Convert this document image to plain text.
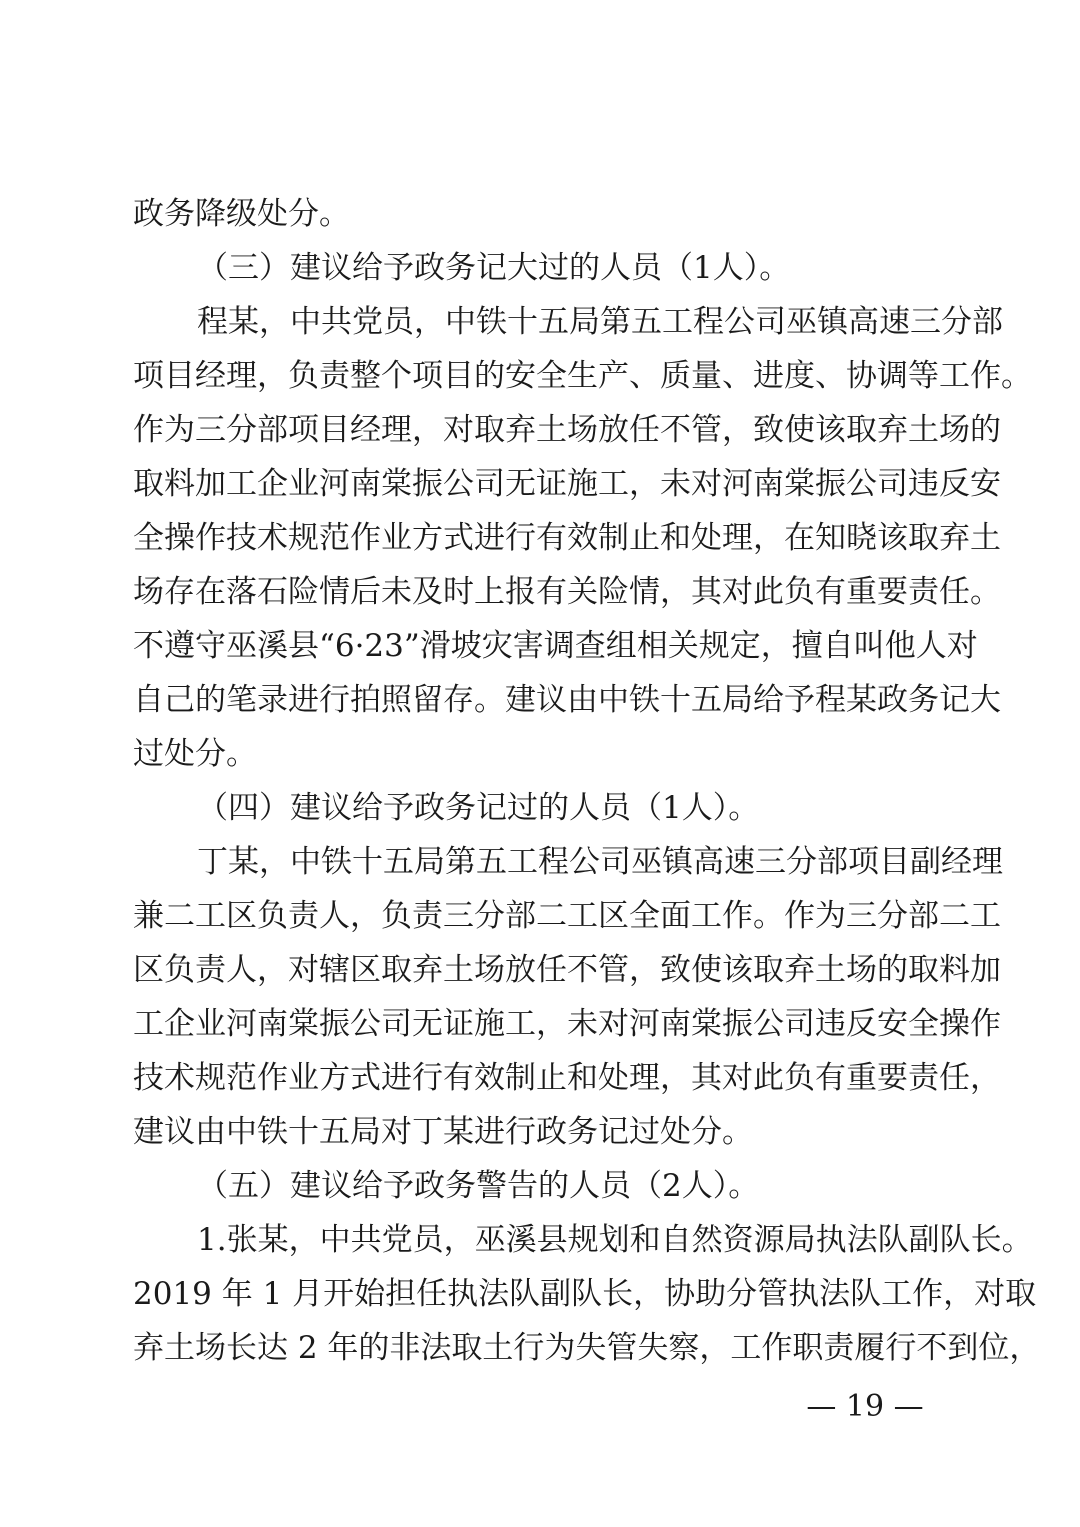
政务降级处分。
（三）建议给予政务记大过的人员（1人）。
程某，中共党员，中铁十五局第五工程公司巫镇高速三分部
项目经理，负责整个项目的安全生产、质量、进度、协调等工作。
作为三分部项目经理，对取弃土场放任不管，致使该取弃土场的
取料加工企业河南棠振公司无证施工，未对河南棠振公司违反安
全操作技术规范作业方式进行有效制止和处理，在知晓该取弃土
场存在落石险情后未及时上报有关险情，其对此负有重要责任。
不遵守巫溪县“6·23”滑坡灾害调查组相关规定，擅自叫他人对
自己的笔录进行拍照留存。建议由中铁十五局给予程某政务记大
过处分。
（四）建议给予政务记过的人员（1人）。
丁某，中铁十五局第五工程公司巫镇高速三分部项目副经理
兼二工区负责人，负责三分部二工区全面工作。作为三分部二工
区负责人，对辖区取弃土场放任不管，致使该取弃土场的取料加
工企业河南棠振公司无证施工，未对河南棠振公司违反安全操作
技术规范作业方式进行有效制止和处理，其对此负有重要责任，
建议由中铁十五局对丁某进行政务记过处分。
（五）建议给予政务警告的人员（2人）。
1.张某，中共党员，巫溪县规划和自然资源局执法队副队长。
2019 年 1 月开始担任执法队副队长，协助分管执法队工作，对取
弃土场长达 2 年的非法取土行为失管失察，工作职责履行不到位，
— 19 —
